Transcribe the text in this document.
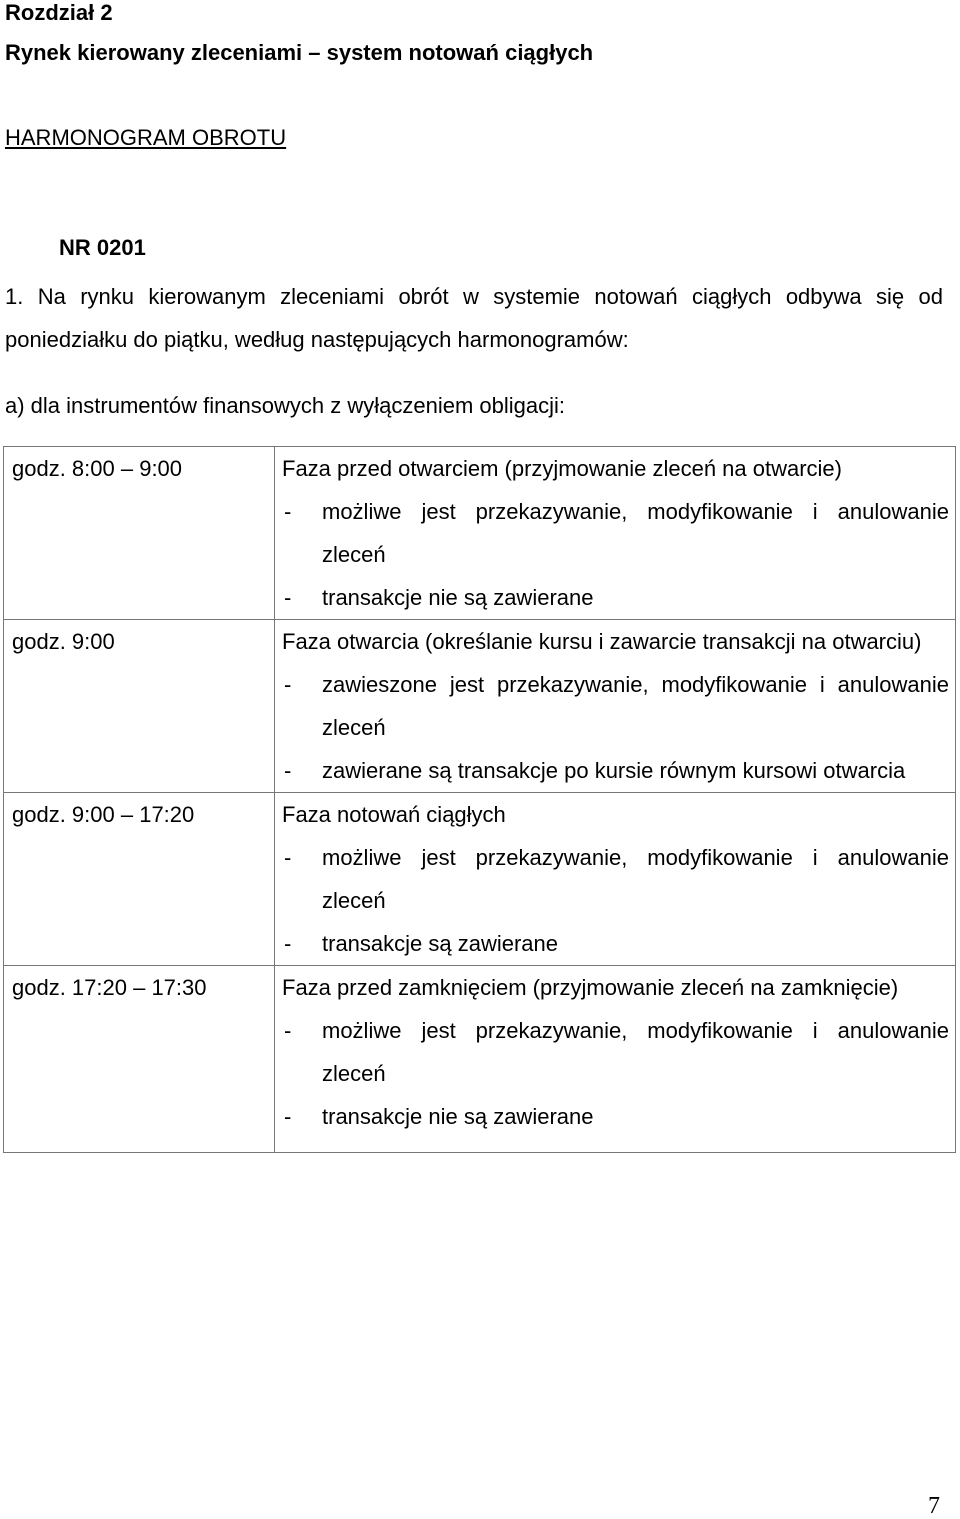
Rozdział 2
Rynek kierowany zleceniami – system notowań ciągłych
HARMONOGRAM OBROTU
NR 0201

1. Na rynku kierowanym zleceniami obrót w systemie notowań ciągłych odbywa się od poniedziałku do piątku, według następujących harmonogramów:

a) dla instrumentów finansowych z wyłączeniem obligacji:
godz. 8:00 – 9:00	Faza przed otwarciem (przyjmowanie zleceń na otwarcie)
- możliwe jest przekazywanie, modyfikowanie i anulowanie zleceń
- transakcje nie są zawierane

godz. 9:00	Faza otwarcia (określanie kursu i zawarcie transakcji na otwarciu)
- zawieszone jest przekazywanie, modyfikowanie i anulowanie zleceń
- zawierane są transakcje po kursie równym kursowi otwarcia

godz. 9:00 – 17:20	Faza notowań ciągłych
- możliwe jest przekazywanie, modyfikowanie i anulowanie zleceń
- transakcje są zawierane

godz. 17:20 – 17:30	Faza przed zamknięciem (przyjmowanie zleceń na zamknięcie)
- możliwe jest przekazywanie, modyfikowanie i anulowanie zleceń
- transakcje nie są zawierane
7
